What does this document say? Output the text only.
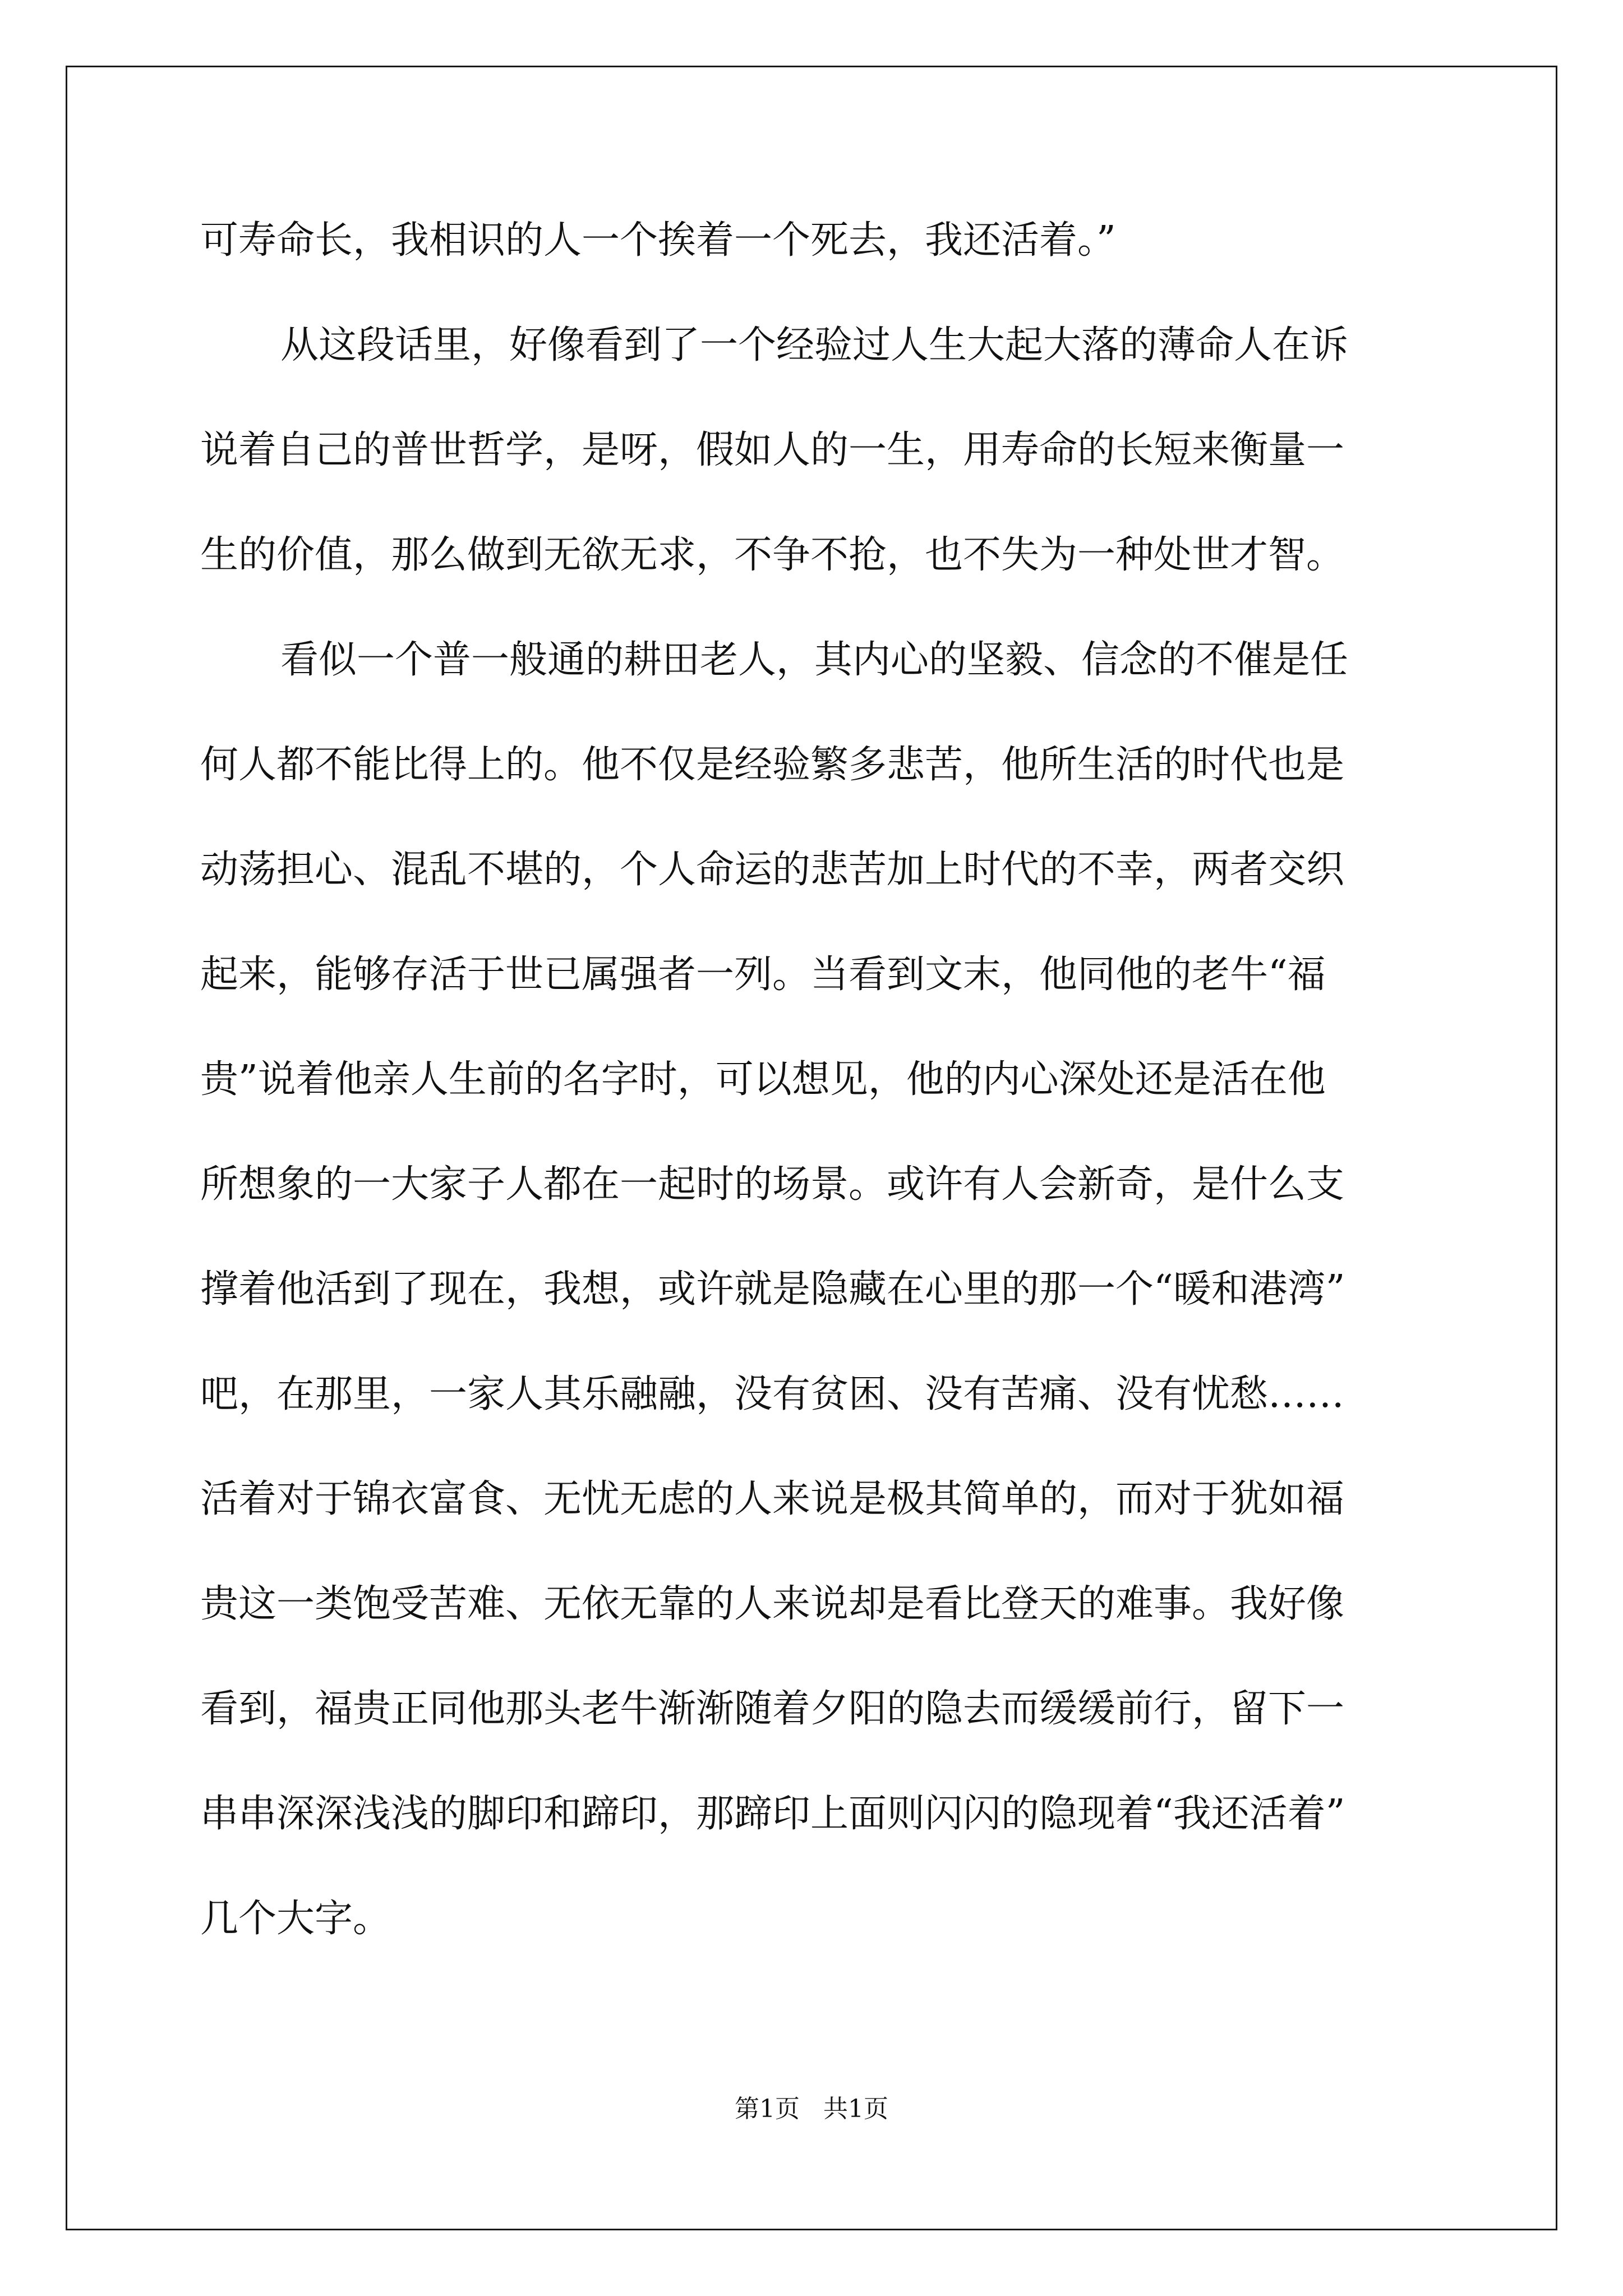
可寿命长，我相识的人一个挨着一个死去，我还活着。”
从这段话里，好像看到了一个经验过人生大起大落的薄命人在诉
说着自己的普世哲学，是呀，假如人的一生，用寿命的长短来衡量一
生的价值，那么做到无欲无求，不争不抢，也不失为一种处世才智。
看似一个普一般通的耕田老人，其内心的坚毅、信念的不催是任
何人都不能比得上的。他不仅是经验繁多悲苦，他所生活的时代也是
动荡担心、混乱不堪的，个人命运的悲苦加上时代的不幸，两者交织
起来，能够存活于世已属强者一列。当看到文末，他同他的老牛“福
贵”说着他亲人生前的名字时，可以想见，他的内心深处还是活在他
所想象的一大家子人都在一起时的场景。或许有人会新奇，是什么支
撑着他活到了现在，我想，或许就是隐藏在心里的那一个“暖和港湾”
吧，在那里，一家人其乐融融，没有贫困、没有苦痛、没有忧愁……
活着对于锦衣富食、无忧无虑的人来说是极其简单的，而对于犹如福
贵这一类饱受苦难、无依无靠的人来说却是看比登天的难事。我好像
看到，福贵正同他那头老牛渐渐随着夕阳的隐去而缓缓前行，留下一
串串深深浅浅的脚印和蹄印，那蹄印上面则闪闪的隐现着“我还活着”
几个大字。
第1页   共1页
